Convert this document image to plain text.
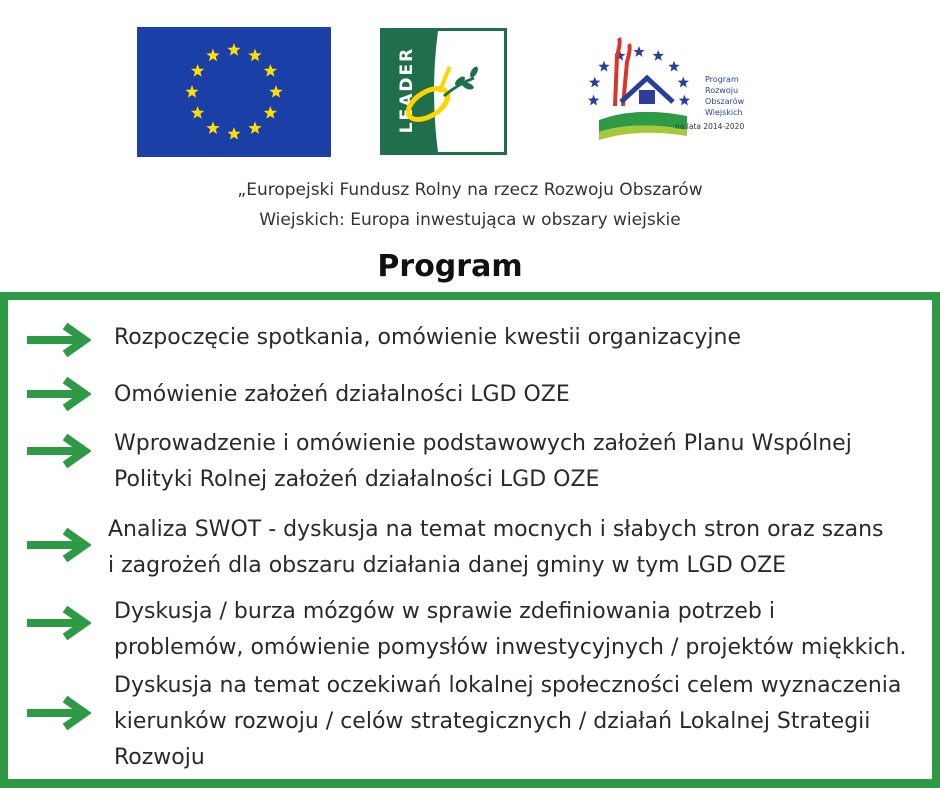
LEADER	Program
Rozwoju
Obszarów
Wiejskich
na lata 2014-2020
„Europejski Fundusz Rolny na rzecz Rozwoju Obszarów
Wiejskich: Europa inwestująca w obszary wiejskie
Program
Rozpoczęcie spotkania, omówienie kwestii organizacyjne
Omówienie założeń działalności LGD OZE
Wprowadzenie i omówienie podstawowych założeń Planu Wspólnej
Polityki Rolnej założeń działalności LGD OZE
Analiza SWOT - dyskusja na temat mocnych i słabych stron oraz szans
i zagrożeń dla obszaru działania danej gminy w tym LGD OZE
Dyskusja / burza mózgów w sprawie zdefiniowania potrzeb i
problemów, omówienie pomysłów inwestycyjnych / projektów miękkich.
Dyskusja na temat oczekiwań lokalnej społeczności celem wyznaczenia
kierunków rozwoju / celów strategicznych / działań Lokalnej Strategii
Rozwoju
